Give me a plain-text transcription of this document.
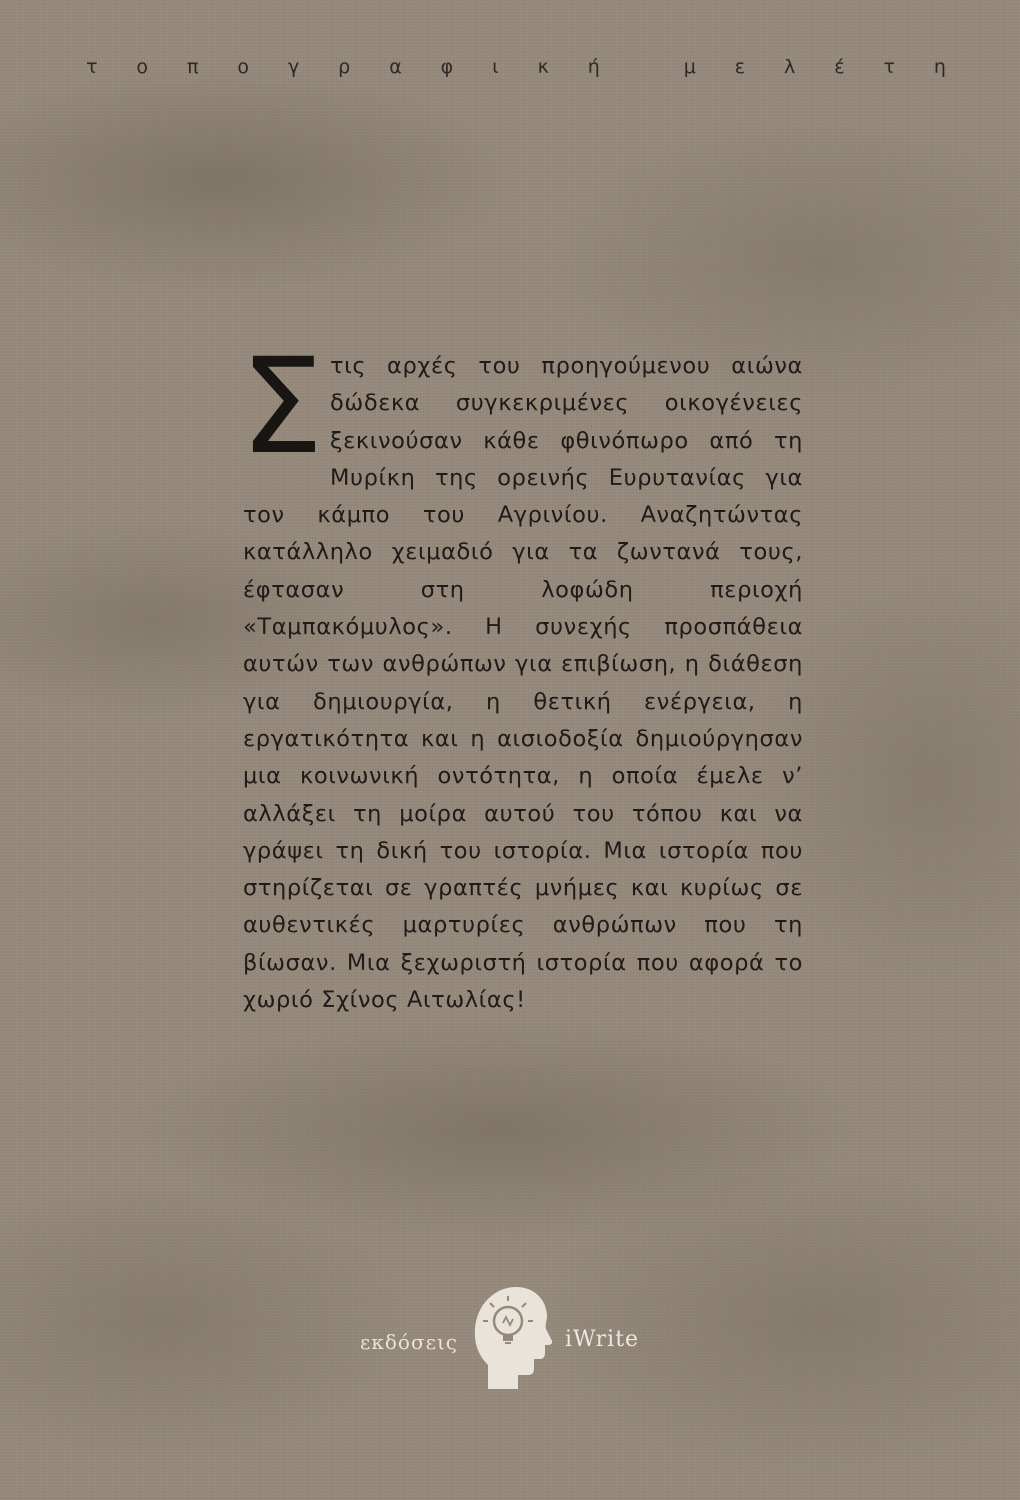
τ ο π ο γ ρ α φ ι κ ή
	μ ε λ έ τ η
Στις αρχές του προηγούμενου αιώνα δώδεκα συγκεκριμένες οικογένειες ξεκινούσαν κάθε φθινόπωρο από τη Μυρίκη της ορεινής Ευρυτανίας για τον κάμπο του Αγρινίου. Αναζητώντας κατάλληλο χειμαδιό για τα ζωντανά τους, έφτασαν στη λοφώδη περιοχή «Ταμπακόμυλος». Η συνεχής προσπάθεια αυτών των ανθρώπων για επιβίωση, η διάθεση για δημιουργία, η θετική ενέργεια, η εργατικότητα και η αισιοδοξία δημιούργησαν μια κοινωνική οντότητα, η οποία έμελε ν’ αλλάξει τη μοίρα αυτού του τόπου και να γράψει τη δική του ιστορία. Μια ιστορία που στηρίζεται σε γραπτές μνήμες και κυρίως σε αυθεντικές μαρτυρίες ανθρώπων που τη βίωσαν. Μια ξεχωριστή ιστορία που αφορά το χωριό Σχίνος Αιτωλίας!
εκδόσεις	iWrite
